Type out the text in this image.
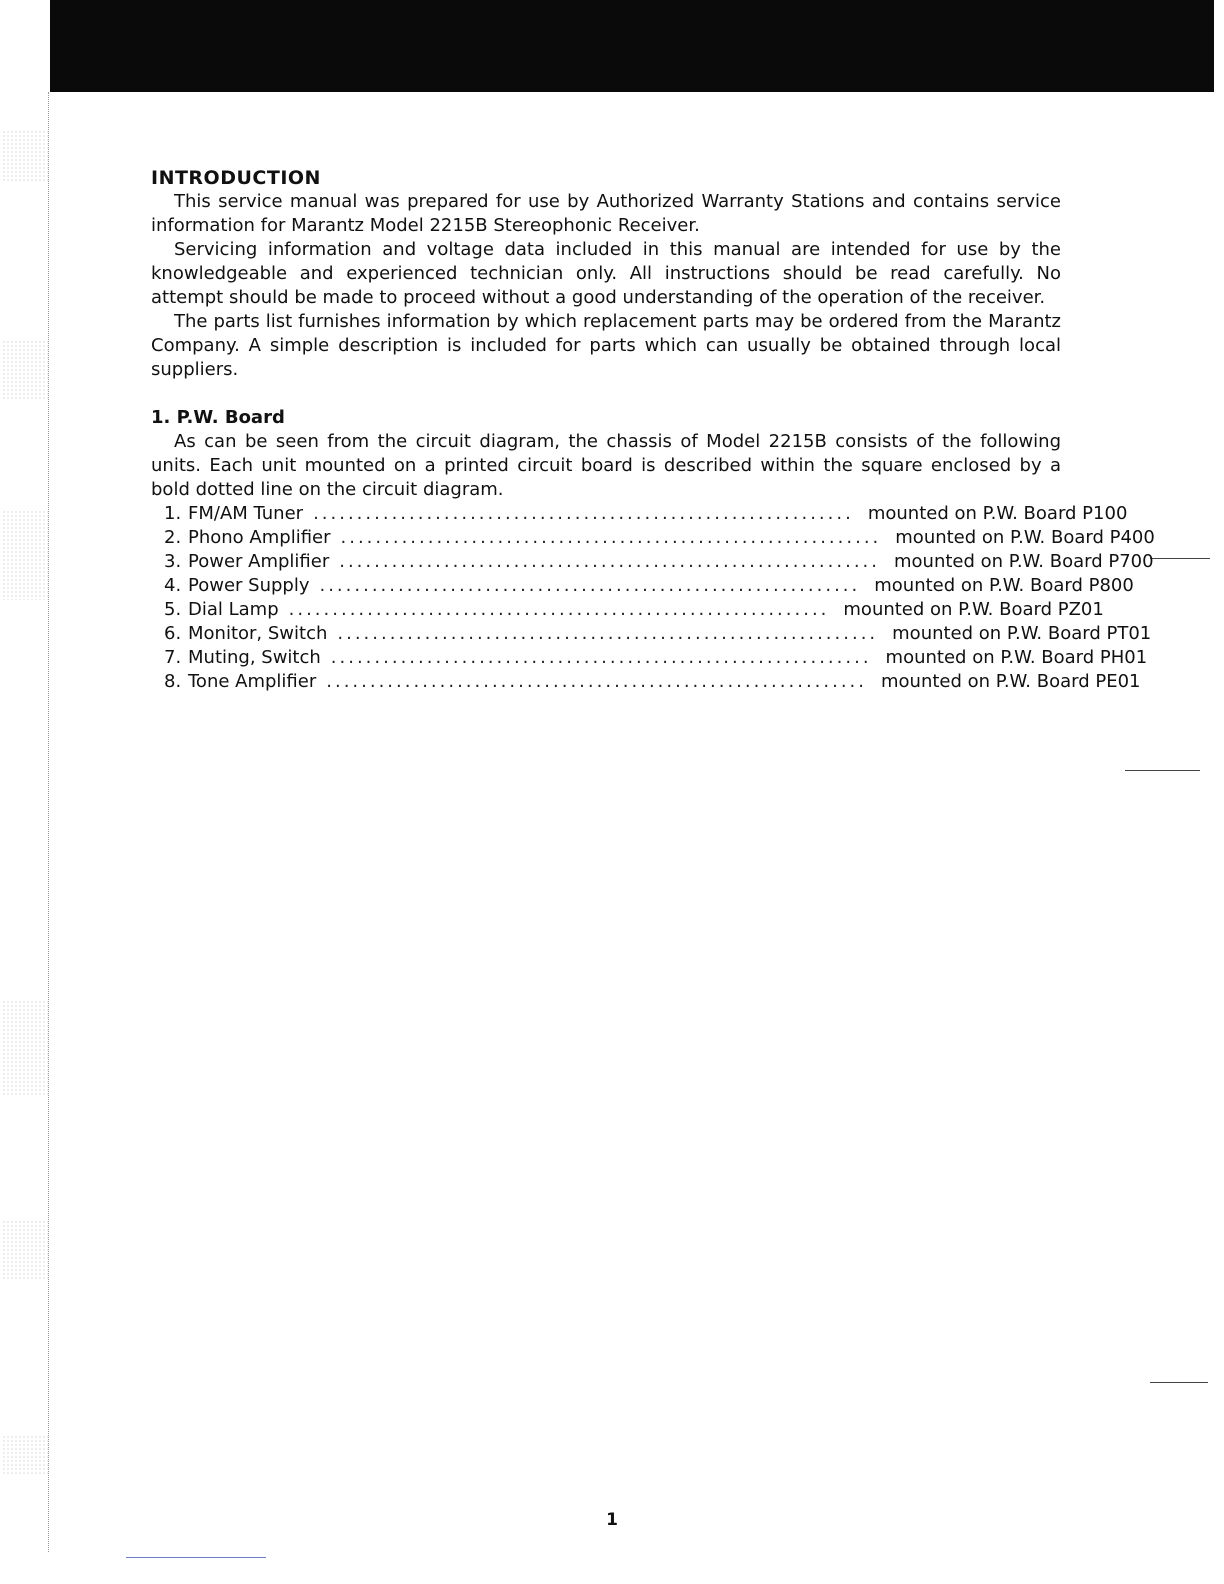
INTRODUCTION

This service manual was prepared for use by Authorized Warranty Stations and contains service information for Marantz Model 2215B Stereophonic Receiver.

Servicing information and voltage data included in this manual are intended for use by the knowledgeable and experienced technician only. All instructions should be read carefully. No attempt should be made to proceed without a good understanding of the operation of the receiver.

The parts list furnishes information by which replacement parts may be ordered from the Marantz Company. A simple description is included for parts which can usually be obtained through local suppliers.

1. P.W. Board

As can be seen from the circuit diagram, the chassis of Model 2215B consists of the following units. Each unit mounted on a printed circuit board is described within the square enclosed by a bold dotted line on the circuit diagram.

1. FM/AM Tuner .............................................................. mounted on P.W. Board P100
2. Phono Amplifier .............................................................. mounted on P.W. Board P400
3. Power Amplifier .............................................................. mounted on P.W. Board P700
4. Power Supply .............................................................. mounted on P.W. Board P800
5. Dial Lamp .............................................................. mounted on P.W. Board PZ01
6. Monitor, Switch .............................................................. mounted on P.W. Board PT01
7. Muting, Switch .............................................................. mounted on P.W. Board PH01
8. Tone Amplifier .............................................................. mounted on P.W. Board PE01
1
